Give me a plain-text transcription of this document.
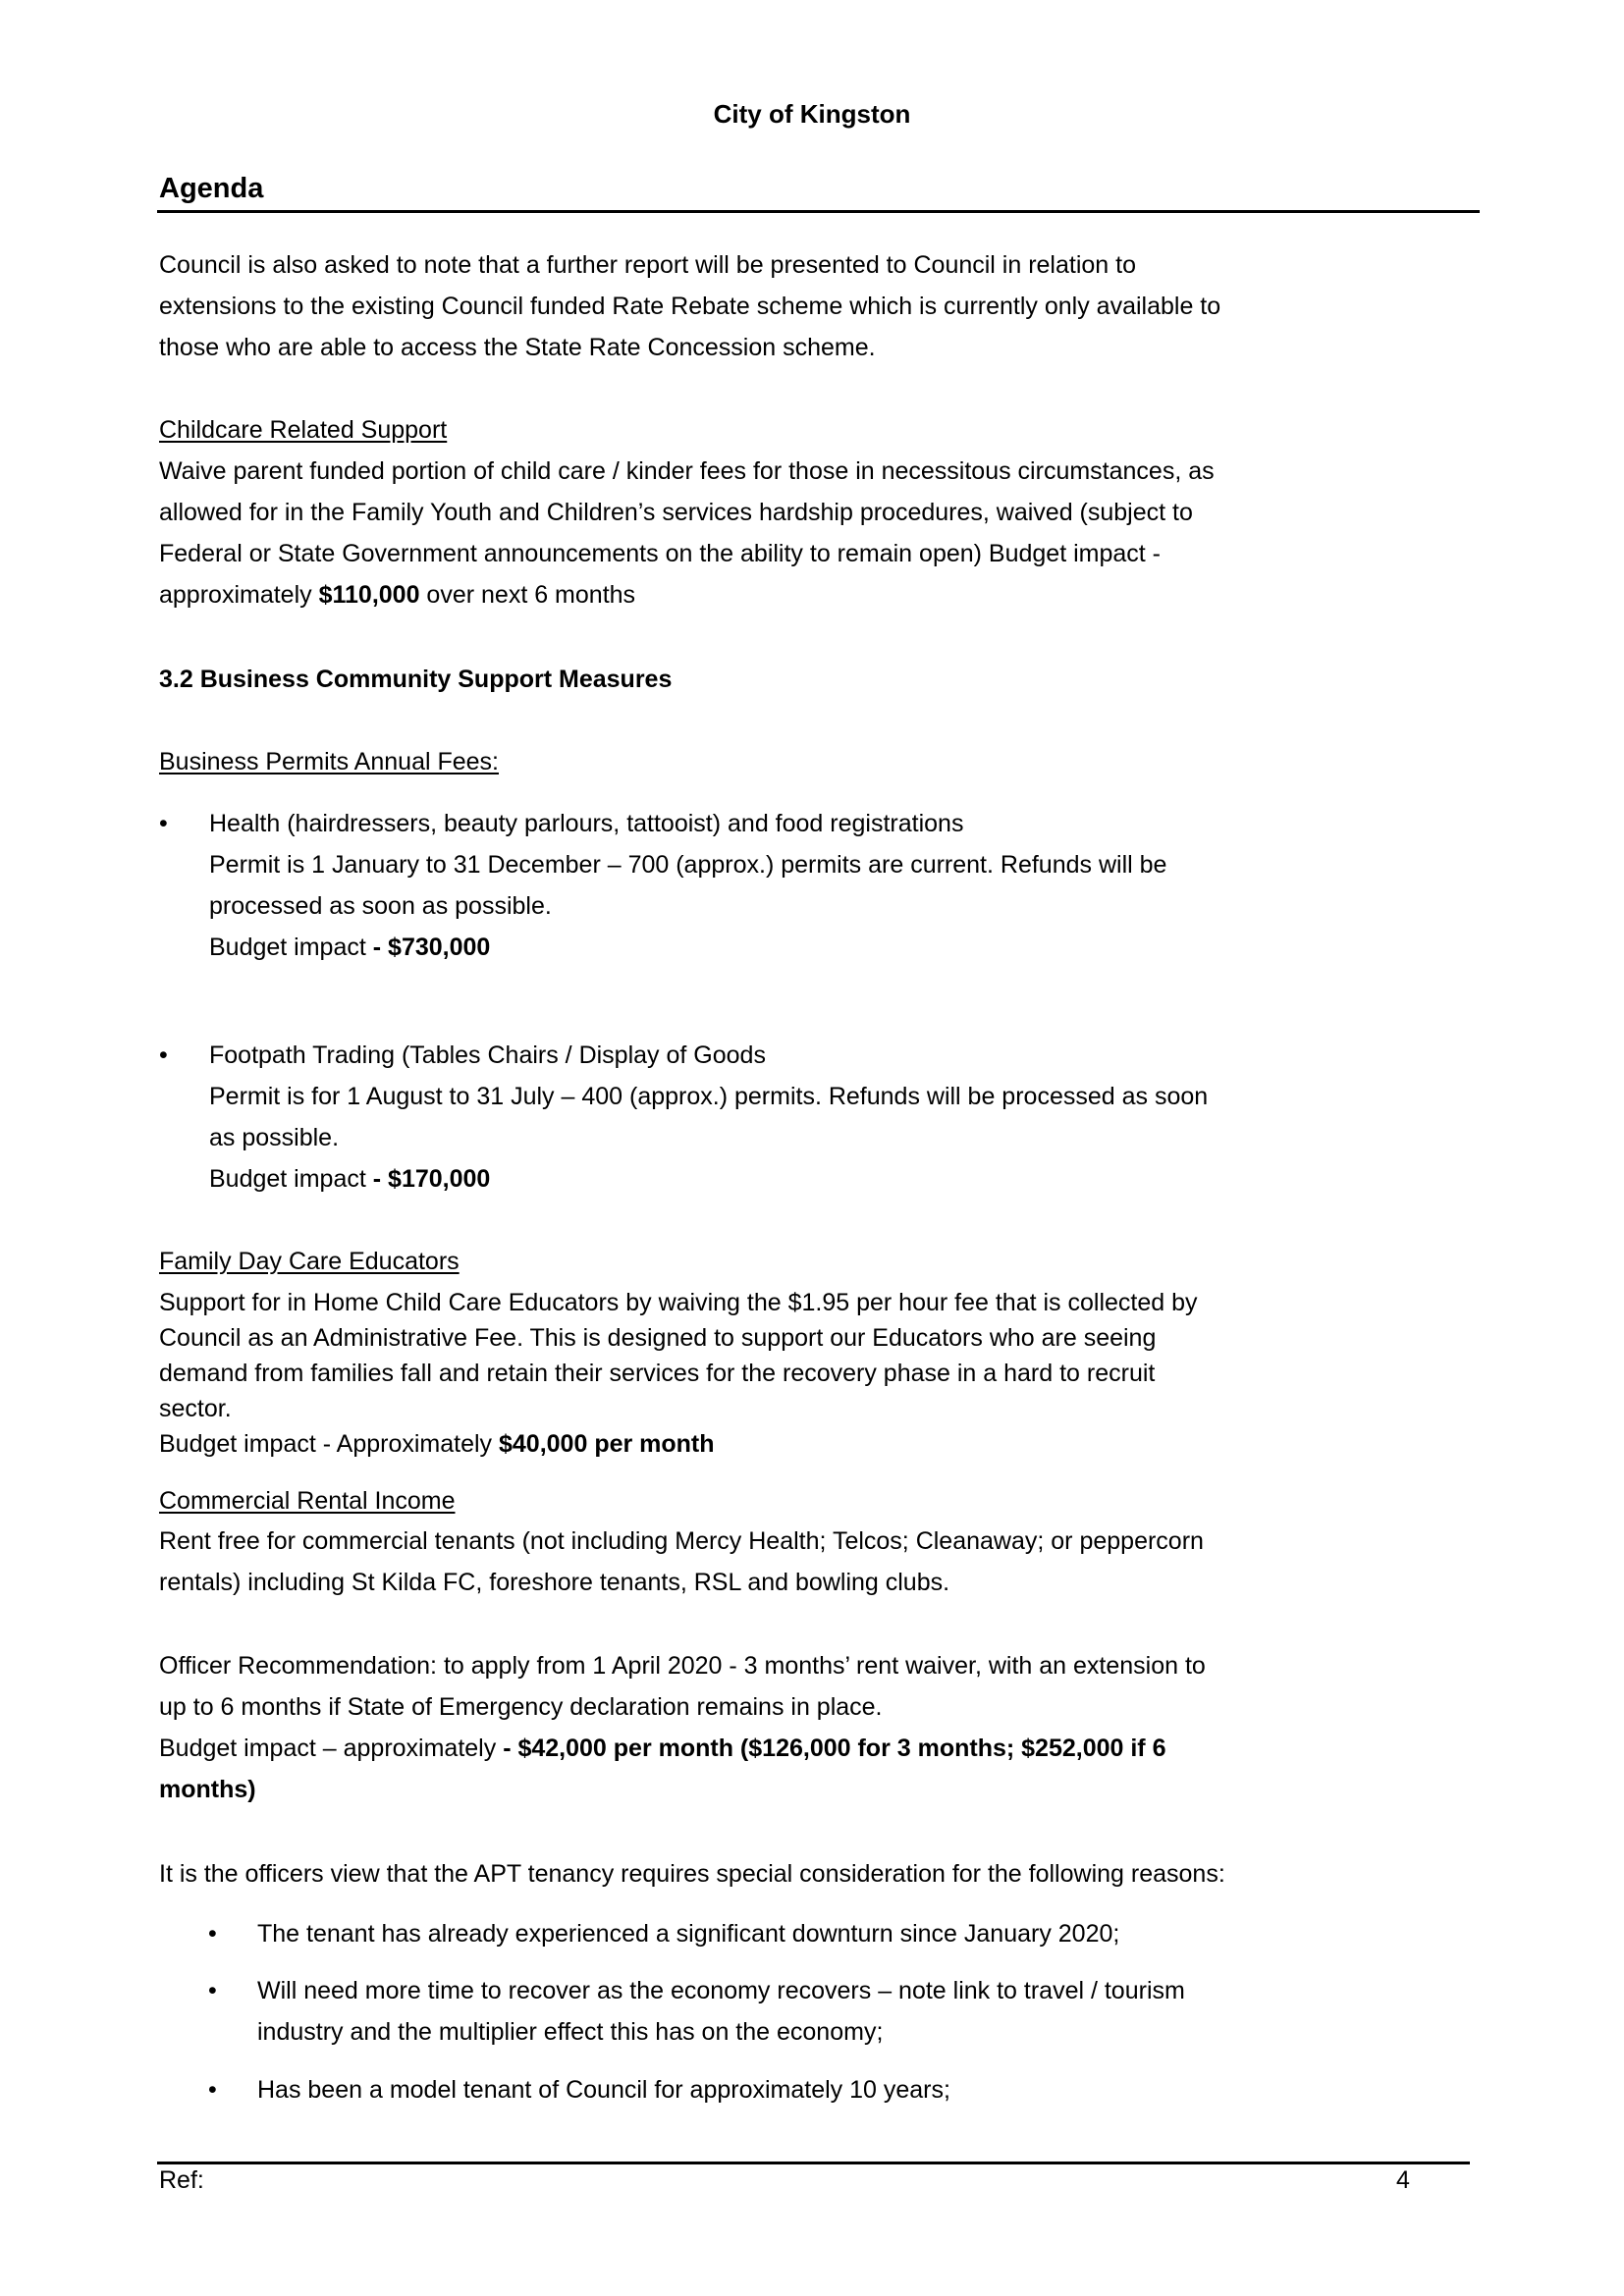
City of Kingston
Agenda
Council is also asked to note that a further report will be presented to Council in relation to
extensions to the existing Council funded Rate Rebate scheme which is currently only available to
those who are able to access the State Rate Concession scheme.
Childcare Related Support
Waive parent funded portion of child care / kinder fees for those in necessitous circumstances, as
allowed for in the Family Youth and Children’s services hardship procedures, waived (subject to
Federal or State Government announcements on the ability to remain open) Budget impact -
approximately $110,000 over next 6 months
3.2 Business Community Support Measures
Business Permits Annual Fees:
• Health (hairdressers, beauty parlours, tattooist) and food registrations
Permit is 1 January to 31 December – 700 (approx.) permits are current. Refunds will be
processed as soon as possible.
Budget impact - $730,000
• Footpath Trading (Tables Chairs / Display of Goods
Permit is for 1 August to 31 July – 400 (approx.) permits. Refunds will be processed as soon
as possible.
Budget impact - $170,000
Family Day Care Educators
Support for in Home Child Care Educators by waiving the $1.95 per hour fee that is collected by
Council as an Administrative Fee. This is designed to support our Educators who are seeing
demand from families fall and retain their services for the recovery phase in a hard to recruit
sector.
Budget impact - Approximately $40,000 per month
Commercial Rental Income
Rent free for commercial tenants (not including Mercy Health; Telcos; Cleanaway; or peppercorn
rentals) including St Kilda FC, foreshore tenants, RSL and bowling clubs.
Officer Recommendation: to apply from 1 April 2020 - 3 months’ rent waiver, with an extension to
up to 6 months if State of Emergency declaration remains in place.
Budget impact – approximately - $42,000 per month ($126,000 for 3 months; $252,000 if 6
months)
It is the officers view that the APT tenancy requires special consideration for the following reasons:
• The tenant has already experienced a significant downturn since January 2020;
• Will need more time to recover as the economy recovers – note link to travel / tourism
industry and the multiplier effect this has on the economy;
• Has been a model tenant of Council for approximately 10 years;
Ref:	4
